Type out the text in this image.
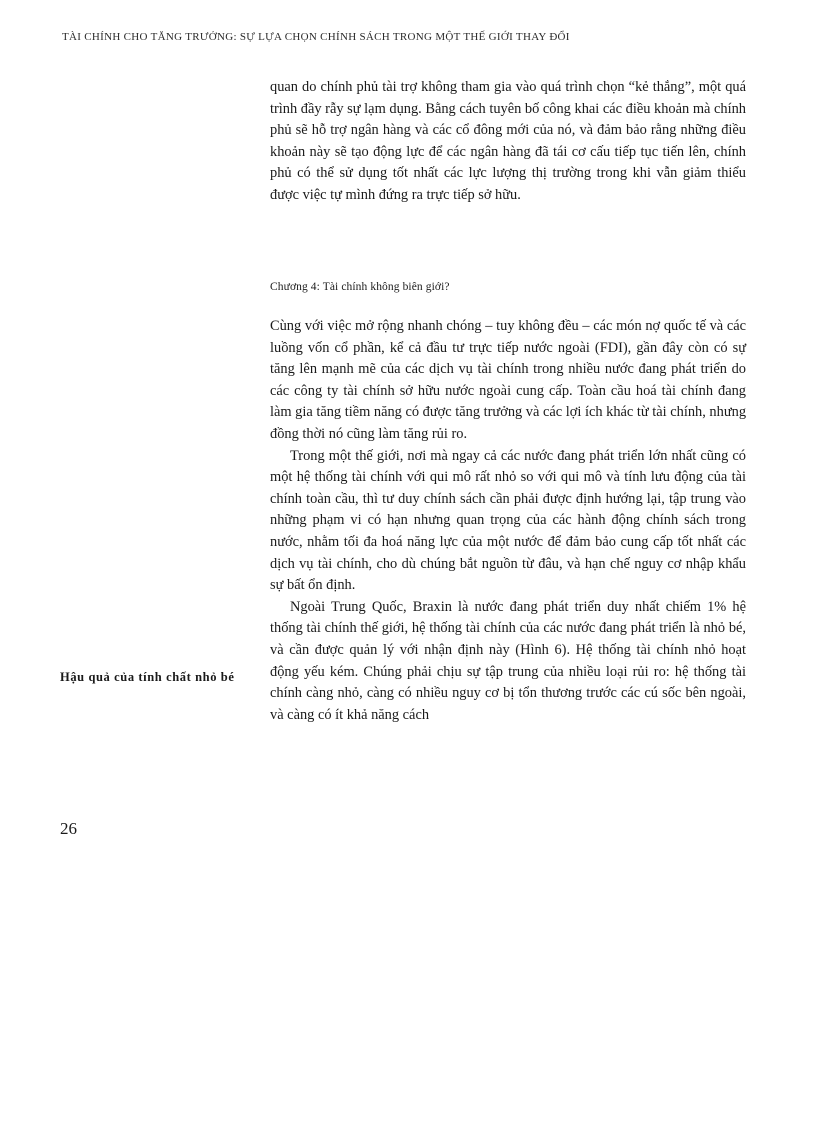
TÀI CHÍNH CHO TĂNG TRƯỞNG: SỰ LỰA CHỌN CHÍNH SÁCH TRONG MỘT THẾ GIỚI THAY ĐỔI

quan do chính phủ tài trợ không tham gia vào quá trình chọn “kẻ thắng”, một quá trình đầy rẫy sự lạm dụng. Bằng cách tuyên bố công khai các điều khoản mà chính phủ sẽ hỗ trợ ngân hàng và các cổ đông mới của nó, và đảm bảo rằng những điều khoản này sẽ tạo động lực để các ngân hàng đã tái cơ cấu tiếp tục tiến lên, chính phủ có thể sử dụng tốt nhất các lực lượng thị trường trong khi vẫn giảm thiểu được việc tự mình đứng ra trực tiếp sở hữu.

Chương 4: Tài chính không biên giới?

Cùng với việc mở rộng nhanh chóng – tuy không đều – các món nợ quốc tế và các luồng vốn cổ phần, kể cả đầu tư trực tiếp nước ngoài (FDI), gần đây còn có sự tăng lên mạnh mẽ của các dịch vụ tài chính trong nhiều nước đang phát triển do các công ty tài chính sở hữu nước ngoài cung cấp. Toàn cầu hoá tài chính đang làm gia tăng tiềm năng có được tăng trưởng và các lợi ích khác từ tài chính, nhưng đồng thời nó cũng làm tăng rủi ro.

Trong một thế giới, nơi mà ngay cả các nước đang phát triển lớn nhất cũng có một hệ thống tài chính với qui mô rất nhỏ so với qui mô và tính lưu động của tài chính toàn cầu, thì tư duy chính sách cần phải được định hướng lại, tập trung vào những phạm vi có hạn nhưng quan trọng của các hành động chính sách trong nước, nhằm tối đa hoá năng lực của một nước để đảm bảo cung cấp tốt nhất các dịch vụ tài chính, cho dù chúng bắt nguồn từ đâu, và hạn chế nguy cơ nhập khẩu sự bất ổn định.

Ngoài Trung Quốc, Braxin là nước đang phát triển duy nhất chiếm 1% hệ thống tài chính thế giới, hệ thống tài chính của các nước đang phát triển là nhỏ bé, và cần được quản lý với nhận định này (Hình 6). Hệ thống tài chính nhỏ hoạt động yếu kém. Chúng phải chịu sự tập trung của nhiều loại rủi ro: hệ thống tài chính càng nhỏ, càng có nhiều nguy cơ bị tổn thương trước các cú sốc bên ngoài, và càng có ít khả năng cách

Hậu quả của tính chất nhỏ bé
26
